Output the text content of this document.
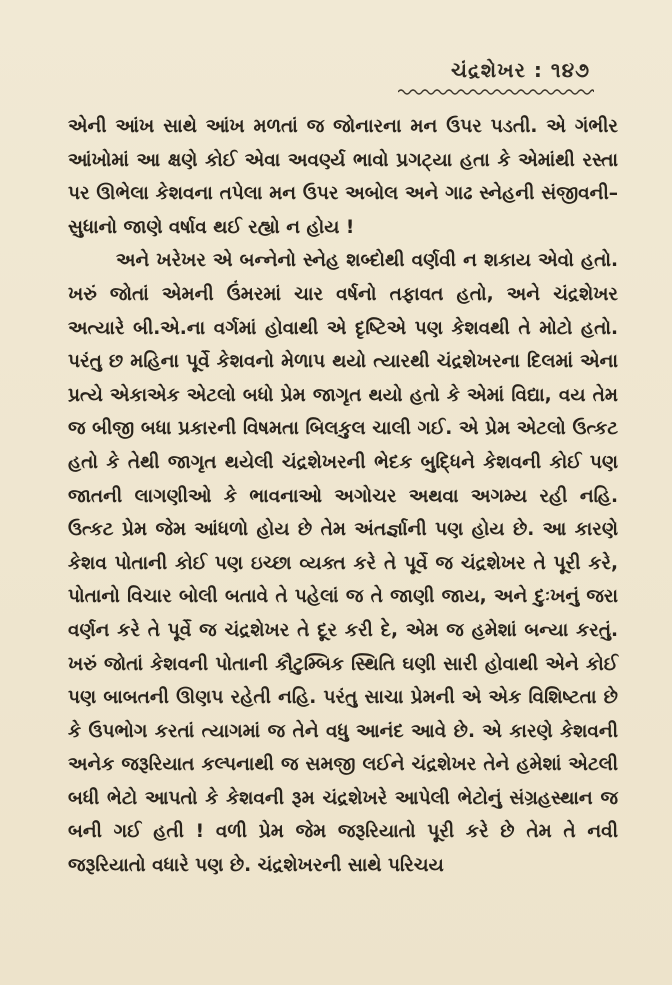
ચંદ્રશેખર : ૧૪૭

એની આંખ સાથે આંખ મળતાં જ જોનારના મન ઉપર પડતી. એ ગંભીર આંખોમાં આ ક્ષણે કોઈ એવા અવર્ણ્ય ભાવો પ્રગટ્યા હતા કે એમાંથી રસ્તા પર ઊભેલા કેશવના તપેલા મન ઉપર અબોલ અને ગાઢ સ્નેહની સંજીવની–સુધાનો જાણે વર્ષાવ થઈ રહ્યો ન હોય !

અને ખરેખર એ બન્નેનો સ્નેહ શબ્દોથી વર્ણવી ન શકાય એવો હતો. ખરું જોતાં એમની ઉંમરમાં ચાર વર્ષનો તફાવત હતો, અને ચંદ્રશેખર અત્યારે બી.એ.ના વર્ગમાં હોવાથી એ દૃષ્ટિએ પણ કેશવથી તે મોટો હતો. પરંતુ છ મહિના પૂર્વે કેશવનો મેળાપ થયો ત્યારથી ચંદ્રશેખરના દિલમાં એના પ્રત્યે એકાએક એટલો બધો પ્રેમ જાગૃત થયો હતો કે એમાં વિદ્યા, વય તેમ જ બીજી બધા પ્રકારની વિષમતા બિલકુલ ચાલી ગઈ. એ પ્રેમ એટલો ઉત્કટ હતો કે તેથી જાગૃત થયેલી ચંદ્રશેખરની ભેદક બુદ્ધિને કેશવની કોઈ પણ જાતની લાગણીઓ કે ભાવનાઓ અગોચર અથવા અગમ્ય રહી નહિ. ઉત્કટ પ્રેમ જેમ આંધળો હોય છે તેમ અંતર્જ્ઞાની પણ હોય છે. આ કારણે કેશવ પોતાની કોઈ પણ ઇચ્છા વ્યક્ત કરે તે પૂર્વે જ ચંદ્રશેખર તે પૂરી કરે, પોતાનો વિચાર બોલી બતાવે તે પહેલાં જ તે જાણી જાય, અને દુઃખનું જરા વર્ણન કરે તે પૂર્વે જ ચંદ્રશેખર તે દૂર કરી દે, એમ જ હમેશાં બન્યા કરતું. ખરું જોતાં કેશવની પોતાની કૌટુમ્બિક સ્થિતિ ઘણી સારી હોવાથી એને કોઈ પણ બાબતની ઊણપ રહેતી નહિ. પરંતુ સાચા પ્રેમની એ એક વિશિષ્ટતા છે કે ઉપભોગ કરતાં ત્યાગમાં જ તેને વધુ આનંદ આવે છે. એ કારણે કેશવની અનેક જરૂરિયાત કલ્પનાથી જ સમજી લઈને ચંદ્રશેખર તેને હમેશાં એટલી બધી ભેટો આપતો કે કેશવની રૂમ ચંદ્રશેખરે આપેલી ભેટોનું સંગ્રહસ્થાન જ બની ગઈ હતી ! વળી પ્રેમ જેમ જરૂરિયાતો પૂરી કરે છે તેમ તે નવી જરૂરિયાતો વધારે પણ છે. ચંદ્રશેખરની સાથે પરિચય
